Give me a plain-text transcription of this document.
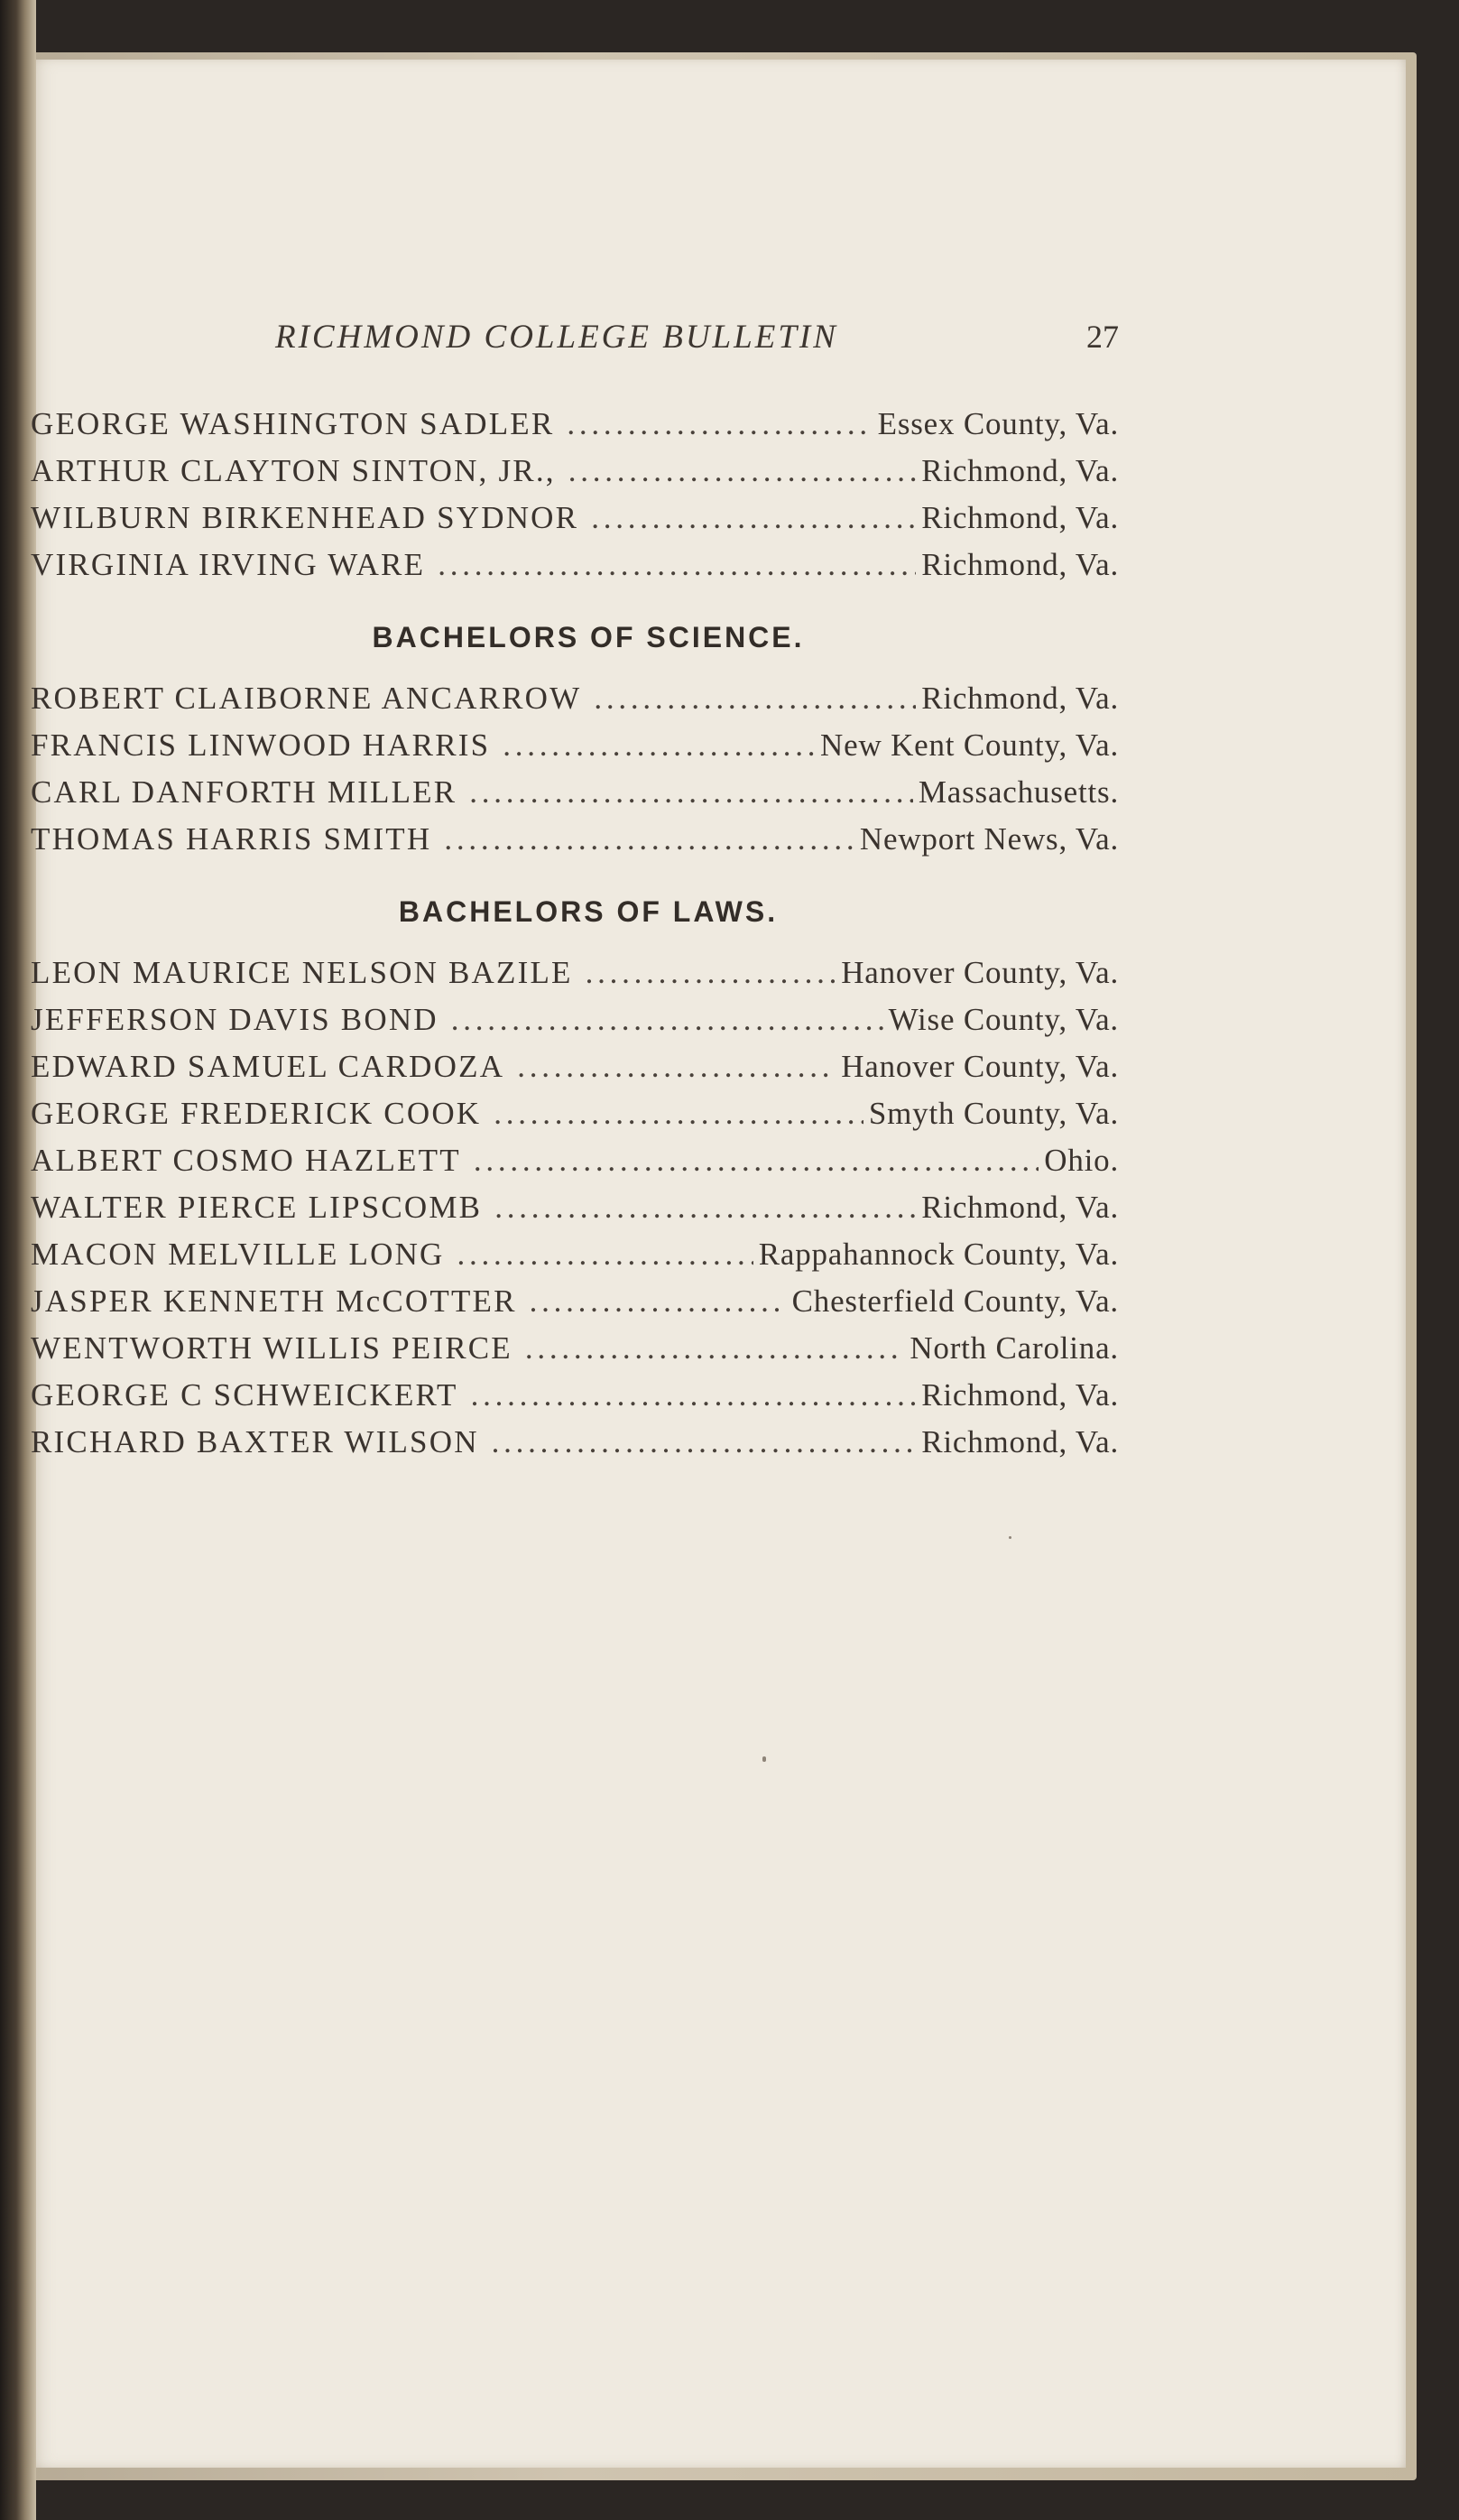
RICHMOND COLLEGE BULLETIN	27
GEORGE WASHINGTON SADLER . . .	Essex County, Va.
ARTHUR CLAYTON SINTON, JR., . . .	Richmond, Va.
WILBURN BIRKENHEAD SYDNOR . . .	Richmond, Va.
VIRGINIA IRVING WARE . . .	Richmond, Va.
BACHELORS OF SCIENCE.
ROBERT CLAIBORNE ANCARROW . . .	Richmond, Va.
FRANCIS LINWOOD HARRIS . . .	New Kent County, Va.
CARL DANFORTH MILLER . . .	Massachusetts.
THOMAS HARRIS SMITH . . .	Newport News, Va.
BACHELORS OF LAWS.
LEON MAURICE NELSON BAZILE . . .	Hanover County, Va.
JEFFERSON DAVIS BOND . . .	Wise County, Va.
EDWARD SAMUEL CARDOZA . . .	Hanover County, Va.
GEORGE FREDERICK COOK . . .	Smyth County, Va.
ALBERT COSMO HAZLETT . . .	Ohio.
WALTER PIERCE LIPSCOMB . . .	Richmond, Va.
MACON MELVILLE LONG . . .	Rappahannock County, Va.
JASPER KENNETH McCOTTER . . .	Chesterfield County, Va.
WENTWORTH WILLIS PEIRCE . . .	North Carolina.
GEORGE C SCHWEICKERT . . .	Richmond, Va.
RICHARD BAXTER WILSON . . .	Richmond, Va.
